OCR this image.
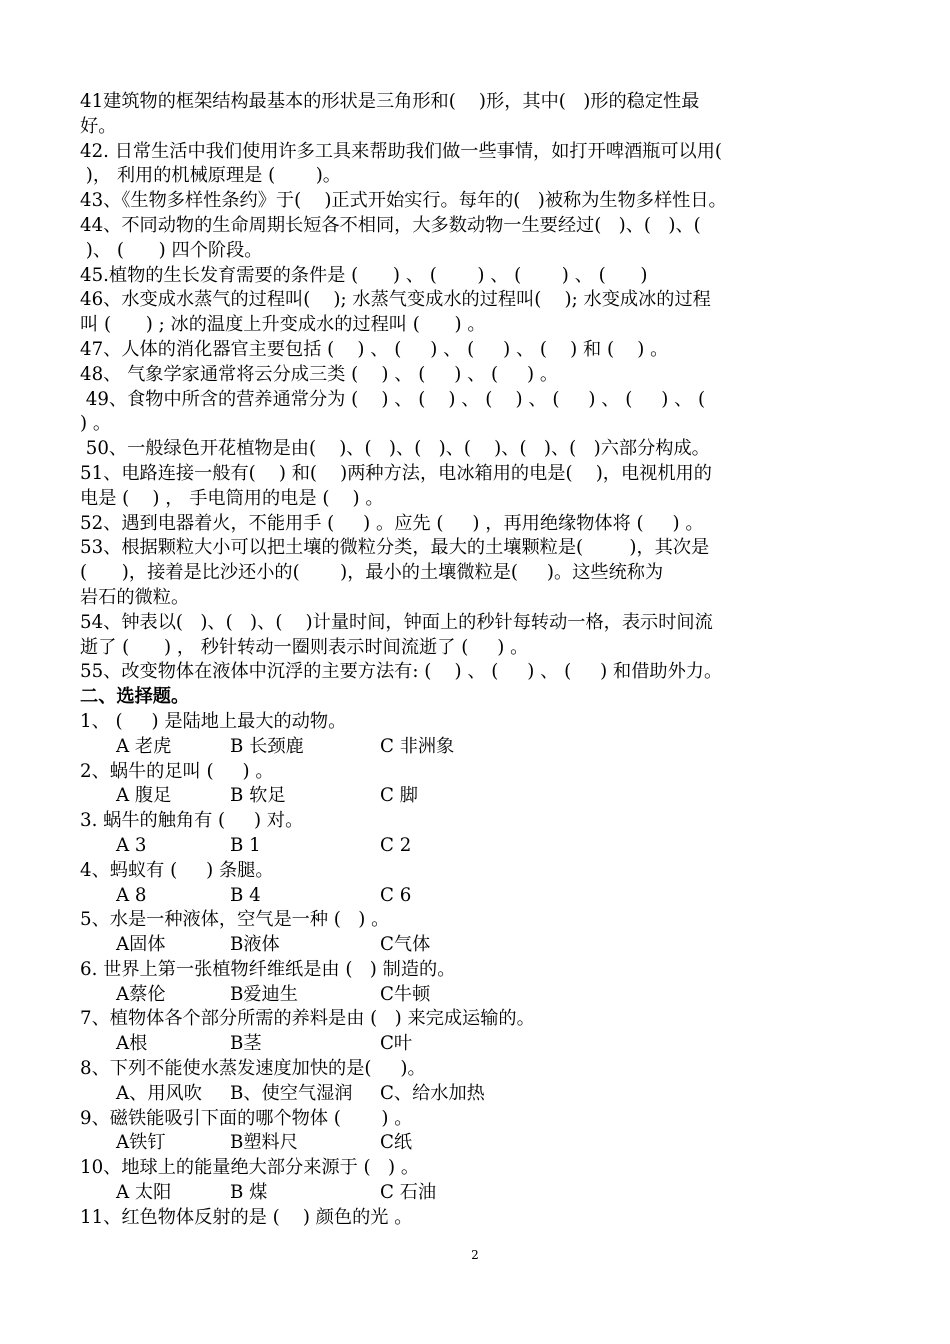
41建筑物的框架结构最基本的形状是三角形和(    )形，其中(   )形的稳定性最
好。
42. 日常生活中我们使用许多工具来帮助我们做一些事情，如打开啤酒瓶可以用(
)， 利用的机械原理是 (       )。
43、《生物多样性条约》于(    )正式开始实行。每年的(   )被称为生物多样性日。
44、不同动物的生命周期长短各不相同，大多数动物一生要经过(   )、(   )、(
)、 (      ) 四个阶段。
45.植物的生长发育需要的条件是 (      ) 、 (       ) 、 (       ) 、 (      )
46、水变成水蒸气的过程叫(    ); 水蒸气变成水的过程叫(    ); 水变成冰的过程
叫 (      ) ; 冰的温度上升变成水的过程叫 (      ) 。
47、人体的消化器官主要包括 (    ) 、 (     ) 、 (     ) 、 (    ) 和 (    ) 。
48、 气象学家通常将云分成三类 (    ) 、 (     ) 、 (     ) 。
49、食物中所含的营养通常分为 (    ) 、 (    ) 、 (    ) 、 (     ) 、 (     ) 、 (
) 。
50、一般绿色开花植物是由(    )、(   )、(   )、(    )、(   )、(   )六部分构成。
51、电路连接一般有(    ) 和(    )两种方法，电冰箱用的电是(    )，电视机用的
电是 (    ) ， 手电筒用的电是 (    ) 。
52、遇到电器着火，不能用手 (     ) 。应先 (     ) ，再用绝缘物体将 (     ) 。
53、根据颗粒大小可以把土壤的微粒分类，最大的土壤颗粒是(        )，其次是
(      )，接着是比沙还小的(       )，最小的土壤微粒是(     )。这些统称为
岩石的微粒。
54、钟表以(   )、(   )、(    )计量时间，钟面上的秒针每转动一格，表示时间流
逝了 (      ) ， 秒针转动一圈则表示时间流逝了 (     ) 。
55、改变物体在液体中沉浮的主要方法有: (    ) 、 (     ) 、 (     ) 和借助外力。
二、选择题。
1、 (     ) 是陆地上最大的动物。
A 老虎	B 长颈鹿	C 非洲象
2、蜗牛的足叫 (     ) 。
A 腹足	B 软足	C 脚
3. 蜗牛的触角有 (     ) 对。
A 3	B 1	C 2
4、蚂蚁有 (     ) 条腿。
A 8	B 4	C 6
5、水是一种液体，空气是一种 (   ) 。
A固体	B液体	C气体
6. 世界上第一张植物纤维纸是由 (   ) 制造的。
A蔡伦	B爱迪生	C牛顿
7、植物体各个部分所需的养料是由 (   ) 来完成运输的。
A根	B茎	C叶
8、下列不能使水蒸发速度加快的是(     )。
A、用风吹 B、使空气湿润 C、给水加热
9、磁铁能吸引下面的哪个物体 (       ) 。
A铁钉	B塑料尺	C纸
10、地球上的能量绝大部分来源于 (   ) 。
A 太阳	B 煤	C 石油
11、红色物体反射的是 (    ) 颜色的光 。
2
